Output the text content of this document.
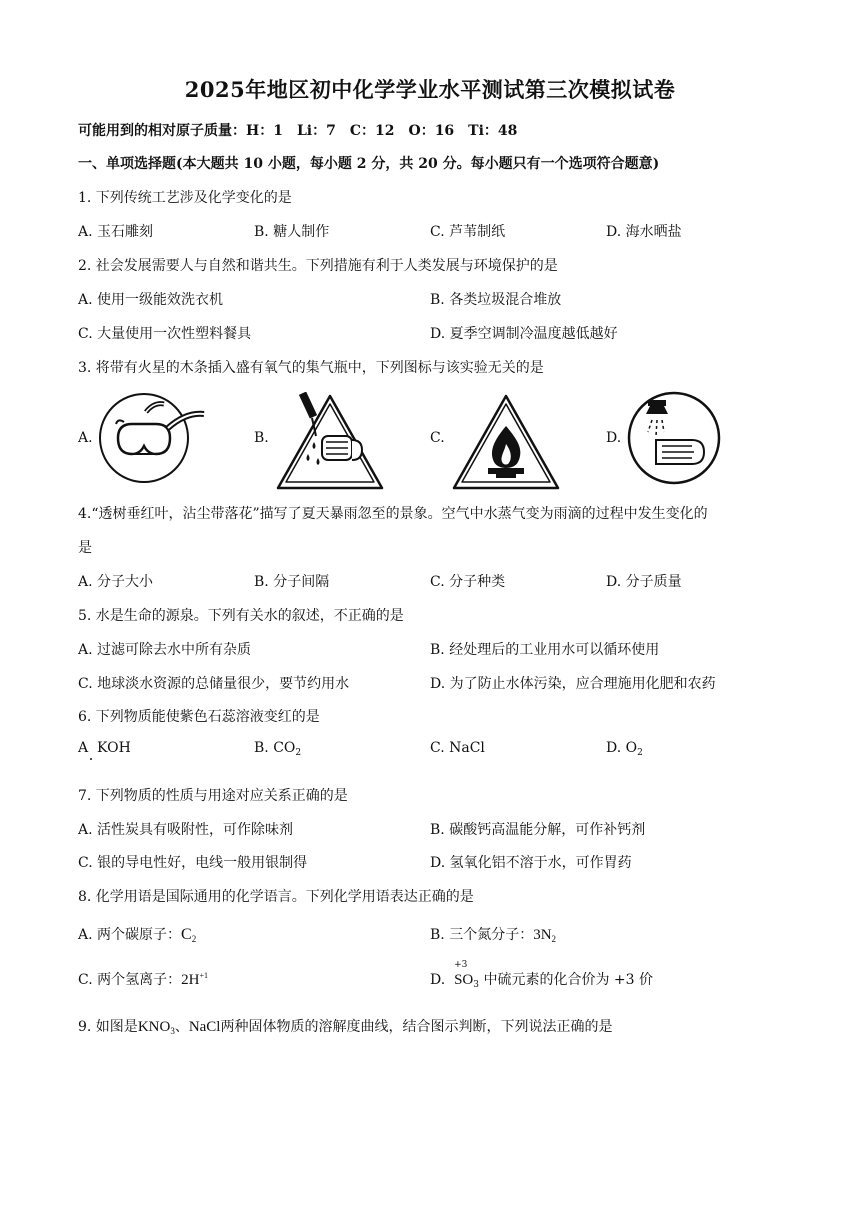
2025年地区初中化学学业水平测试第三次模拟试卷
可能用到的相对原子质量：H：1　Li：7　C：12　O：16　Ti：48
一、单项选择题(本大题共 10 小题，每小题 2 分，共 20 分。每小题只有一个选项符合题意)
1. 下列传统工艺涉及化学变化的是
A. 玉石雕刻	B. 糖人制作	C. 芦苇制纸	D. 海水晒盐
2. 社会发展需要人与自然和谐共生。下列措施有利于人类发展与环境保护的是
A. 使用一级能效洗衣机	B. 各类垃圾混合堆放
C. 大量使用一次性塑料餐具	D. 夏季空调制冷温度越低越好
3. 将带有火星的木条插入盛有氧气的集气瓶中，下列图标与该实验无关的是
A.	B.	C.	D.
4.“透树垂红叶，沾尘带落花”描写了夏天暴雨忽至的景象。空气中水蒸气变为雨滴的过程中发生变化的
是
A. 分子大小	B. 分子间隔	C. 分子种类	D. 分子质量
5. 水是生命的源泉。下列有关水的叙述，不正确的是
A. 过滤可除去水中所有杂质	B. 经处理后的工业用水可以循环使用
C. 地球淡水资源的总储量很少，要节约用水	D. 为了防止水体污染，应合理施用化肥和农药
6. 下列物质能使紫色石蕊溶液变红的是
A KOH	B. $CO_2$	C. NaCl	D. $O_2$
7. 下列物质的性质与用途对应关系正确的是
A. 活性炭具有吸附性，可作除味剂	B. 碳酸钙高温能分解，可作补钙剂
C. 银的导电性好，电线一般用银制得	D. 氢氧化铝不溶于水，可作胃药
8. 化学用语是国际通用的化学语言。下列化学用语表达正确的是
A. 两个碳原子：$C_2$	B. 三个氮分子：$3N_2$
C. 两个氢离子：$2H^{+1}$	D.
+3
$SO_3$ 中硫元素的化合价为 +3 价
9. 如图是$KNO_3$、NaCl两种固体物质的溶解度曲线，结合图示判断，下列说法正确的是
